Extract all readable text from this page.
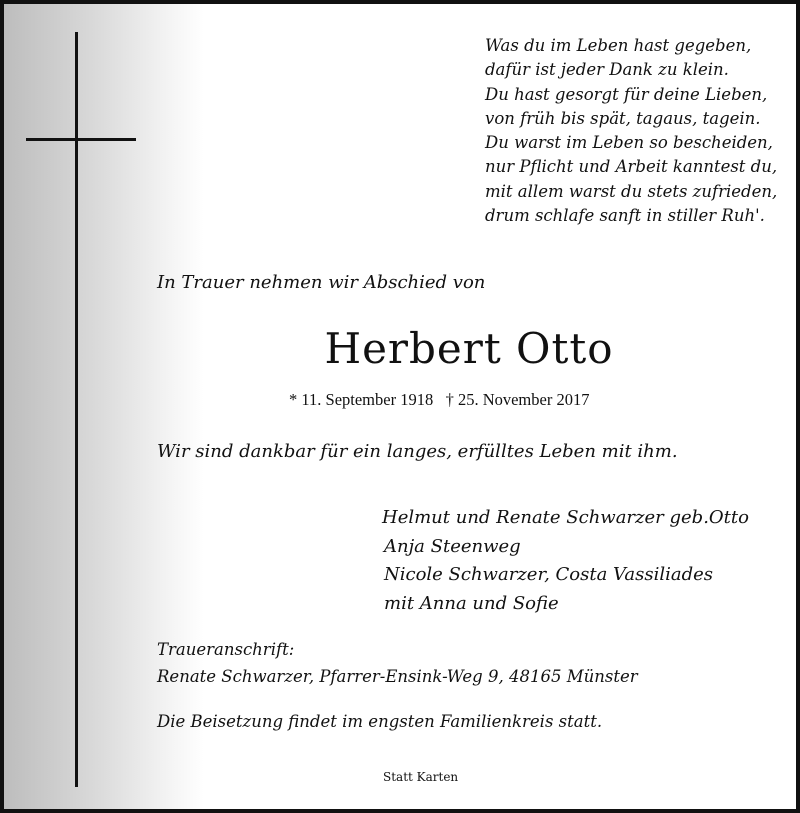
Was du im Leben hast gegeben,
dafür ist jeder Dank zu klein.
Du hast gesorgt für deine Lieben,
von früh bis spät, tagaus, tagein.
Du warst im Leben so bescheiden,
nur Pflicht und Arbeit kanntest du,
mit allem warst du stets zufrieden,
drum schlafe sanft in stiller Ruh'.
In Trauer nehmen wir Abschied von
Herbert Otto
* 11. September 1918   † 25. November 2017
Wir sind dankbar für ein langes, erfülltes Leben mit ihm.
Helmut und Renate Schwarzer geb.Otto
Anja Steenweg
Nicole Schwarzer, Costa Vassiliades
mit Anna und Sofie
Traueranschrift:
Renate Schwarzer, Pfarrer-Ensink-Weg 9, 48165 Münster
Die Beisetzung findet im engsten Familienkreis statt.
Statt Karten
